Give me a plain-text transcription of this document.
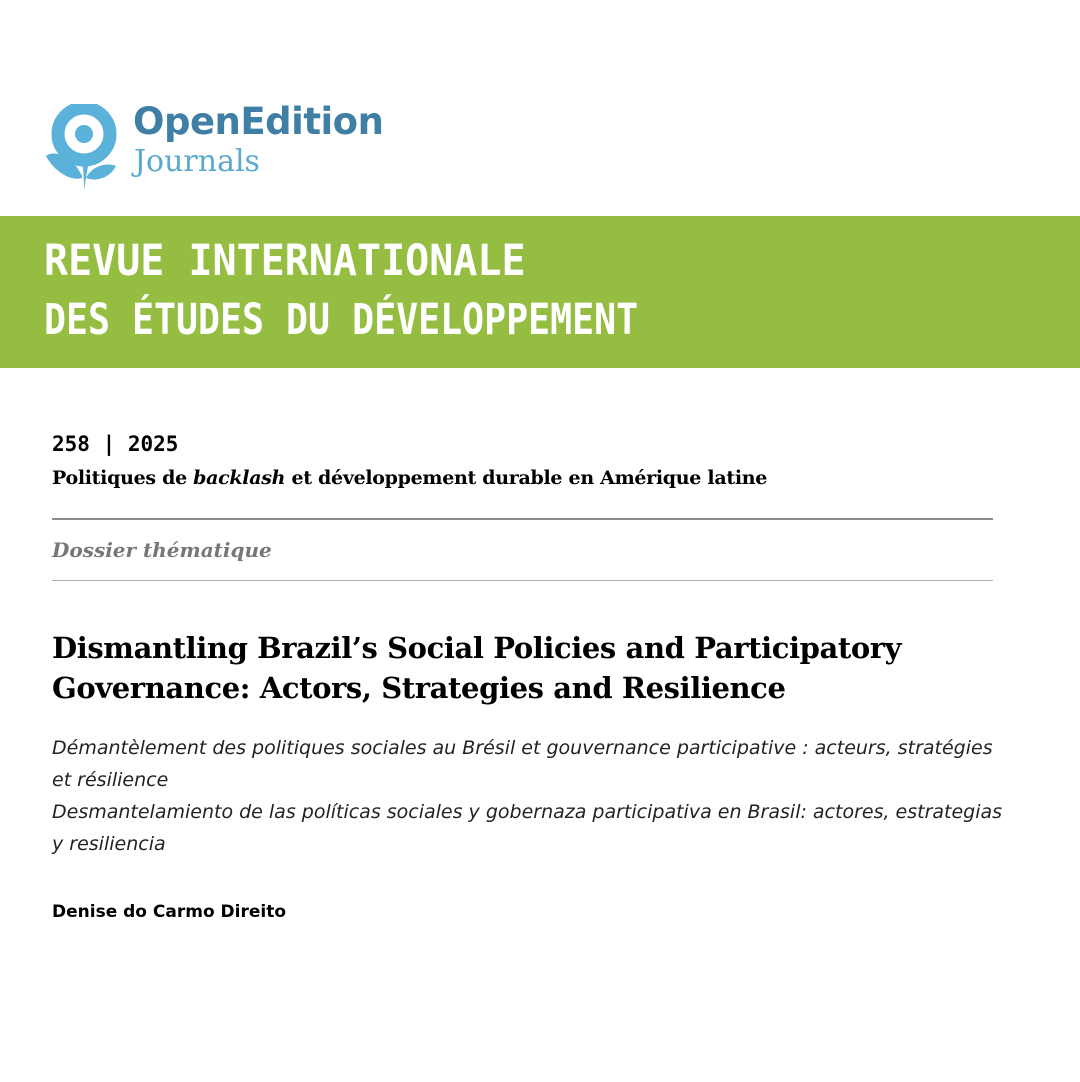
OpenEdition
Journals
REVUE INTERNATIONALE
DES ÉTUDES DU DÉVELOPPEMENT
258 | 2025
Politiques de backlash et développement durable en Amérique latine
Dossier thématique
Dismantling Brazil’s Social Policies and Participatory Governance: Actors, Strategies and Resilience
Démantèlement des politiques sociales au Brésil et gouvernance participative : acteurs, stratégies et résilience
Desmantelamiento de las políticas sociales y gobernaza participativa en Brasil: actores, estrategias y resiliencia
Denise do Carmo Direito
